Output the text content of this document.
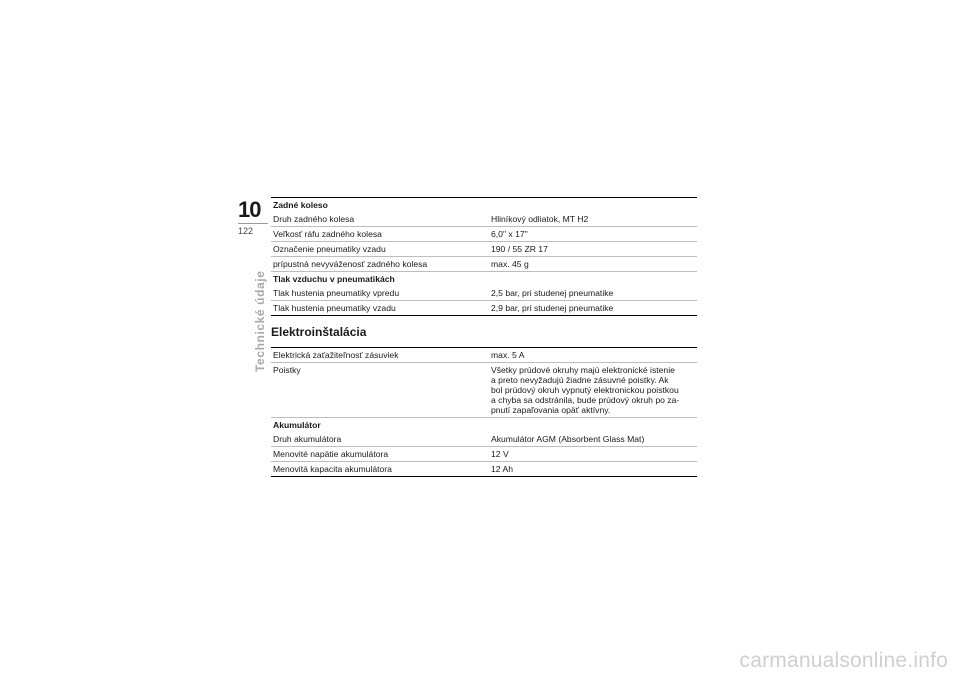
10
122
Technické údaje
Zadné koleso	
Druh zadného kolesa	Hliníkový odliatok, MT H2
Veľkosť ráfu zadného kolesa	6,0" x 17"
Označenie pneumatiky vzadu	190 / 55 ZR 17
prípustná nevyváženosť zadného kolesa	max. 45 g
Tlak vzduchu v pneumatikách	
Tlak hustenia pneumatiky vpredu	2,5 bar, pri studenej pneumatike
Tlak hustenia pneumatiky vzadu	2,9 bar, pri studenej pneumatike
Elektroinštalácia
Elektrická zaťažiteľnosť zásuviek	max. 5 A
Poistky	Všetky prúdové okruhy majú elektronické istenie
a preto nevyžadujú žiadne zásuvné poistky. Ak
bol prúdový okruh vypnutý elektronickou poistkou
a chyba sa odstránila, bude prúdový okruh po za-
pnutí zapaľovania opäť aktívny.

Akumulátor	
Druh akumulátora	Akumulátor AGM (Absorbent Glass Mat)
Menovité napätie akumulátora	12 V
Menovitá kapacita akumulátora	12 Ah
carmanualsonline.info
